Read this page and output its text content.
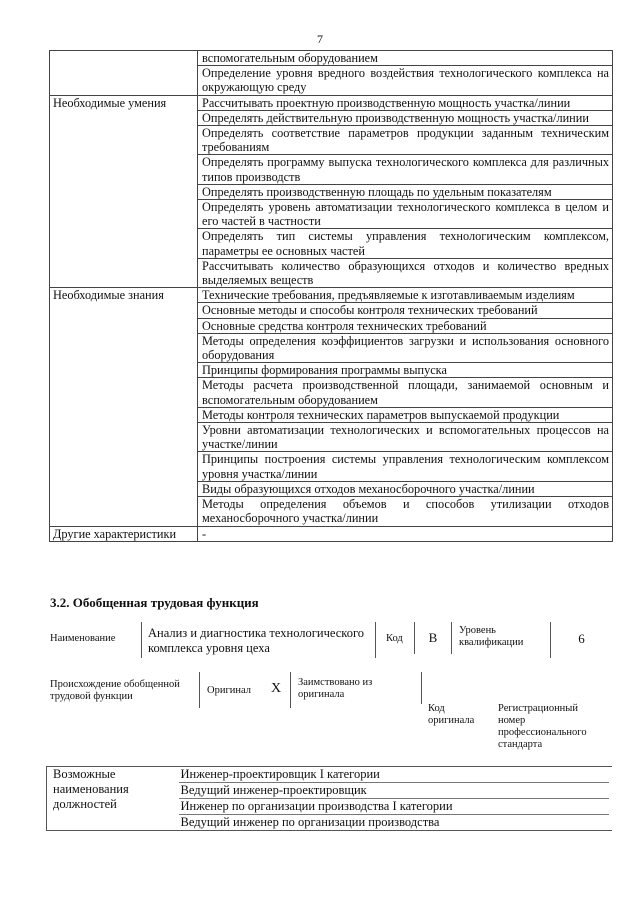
7
	вспомогательным оборудованием
	Определение уровня вредного воздействия технологического комплекса на окружающую среду
Необходимые умения	Рассчитывать проектную производственную мощность участка/линии
	Определять действительную производственную мощность участка/линии
	Определять соответствие параметров продукции заданным техническим требованиям
	Определять программу выпуска технологического комплекса для различных типов производств
	Определять производственную площадь по удельным показателям
	Определять уровень автоматизации технологического комплекса в целом и его частей в частности
	Определять тип системы управления технологическим комплексом, параметры ее основных частей
	Рассчитывать количество образующихся отходов и количество вредных выделяемых веществ
Необходимые знания	Технические требования, предъявляемые к изготавливаемым изделиям
	Основные методы и способы контроля технических требований
	Основные средства контроля технических требований
	Методы определения коэффициентов загрузки и использования основного оборудования
	Принципы формирования программы выпуска
	Методы расчета производственной площади, занимаемой основным и вспомогательным оборудованием
	Методы контроля технических параметров выпускаемой продукции
	Уровни автоматизации технологических и вспомогательных процессов на участке/линии
	Принципы построения системы управления технологическим комплексом уровня участка/линии
	Виды образующихся отходов механосборочного участка/линии
	Методы определения объемов и способов утилизации отходов механосборочного участка/линии
Другие характеристики	-
3.2. Обобщенная трудовая функция
Наименование	Анализ и диагностика технологического комплекса уровня цеха
Код	В	Уровень квалификации	6
Происхождение обобщенной трудовой функции
Оригинал Х Заимствовано из оригинала
Код оригинала
Регистрационный номер профессионального стандарта
Возможные наименования должностей

Инженер-проектировщик I категории
Ведущий инженер-проектировщик
Инженер по организации производства I категории
Ведущий инженер по организации производства
